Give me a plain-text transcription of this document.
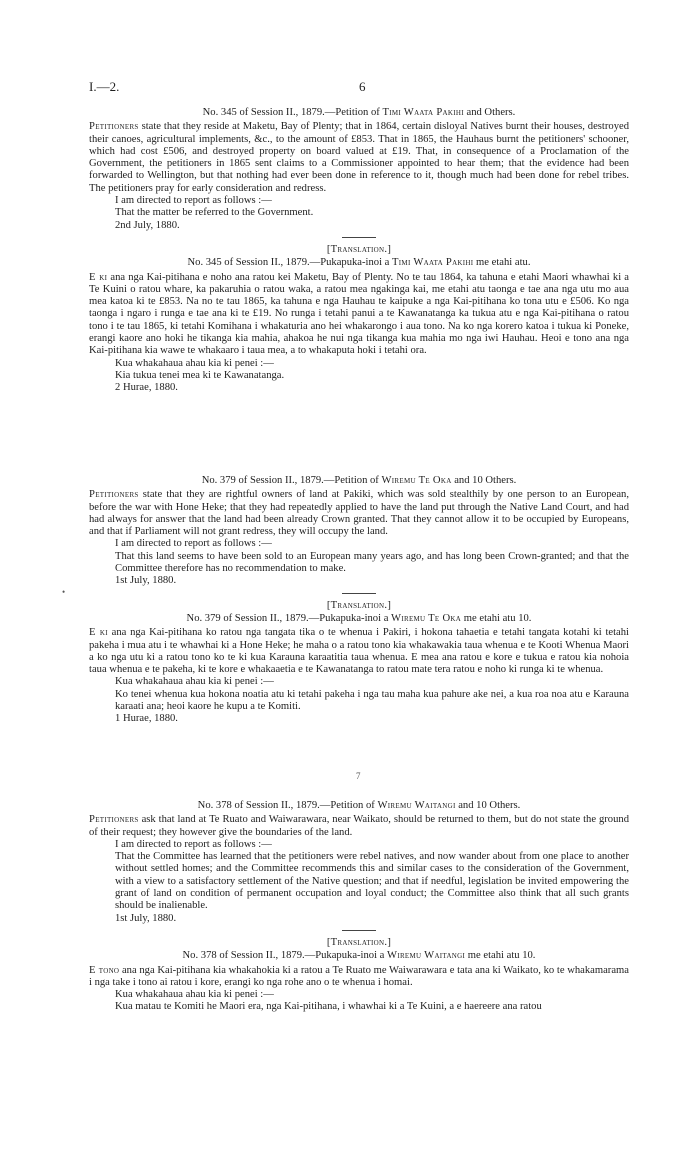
I.—2.	6

No. 345 of Session II., 1879.—Petition of Timi Waata Pakihi and Others.

Petitioners state that they reside at Maketu, Bay of Plenty; that in 1864, certain disloyal Natives burnt their houses, destroyed their canoes, agricultural implements, &c., to the amount of £853. That in 1865, the Hauhaus burnt the petitioners' schooner, which had cost £506, and destroyed property on board valued at £19. That, in consequence of a Proclamation of the Government, the petitioners in 1865 sent claims to a Commissioner appointed to hear them; that the evidence had been forwarded to Wellington, but that nothing had ever been done in reference to it, though much had been done for rebel tribes. The petitioners pray for early consideration and redress.

I am directed to report as follows :—

That the matter be referred to the Government.

2nd July, 1880.

[Translation.]

No. 345 of Session II., 1879.—Pukapuka-inoi a Timi Waata Pakihi me etahi atu.

E ki ana nga Kai-pitihana e noho ana ratou kei Maketu, Bay of Plenty. No te tau 1864, ka tahuna e etahi Maori whawhai ki a Te Kuini o ratou whare, ka pakaruhia o ratou waka, a ratou mea ngakinga kai, me etahi atu taonga e tae ana nga utu mo aua mea katoa ki te £853. Na no te tau 1865, ka tahuna e nga Hauhau te kaipuke a nga Kai-pitihana ko tona utu e £506. Ko nga taonga i ngaro i runga e tae ana ki te £19. No runga i tetahi panui a te Kawanatanga ka tukua atu e nga Kai-pitihana o ratou tono i te tau 1865, ki tetahi Komihana i whakaturia ano hei whakarongo i aua tono. Na ko nga korero katoa i tukua ki Poneke, erangi kaore ano hoki he tikanga kia mahia, ahakoa he nui nga tikanga kua mahia mo nga iwi Hauhau. Heoi e tono ana nga Kai-pitihana kia wawe te whakaaro i taua mea, a to whakaputa hoki i tetahi ora.

Kua whakahaua ahau kia ki penei :—

Kia tukua tenei mea ki te Kawanatanga.

2 Hurae, 1880.

No. 379 of Session II., 1879.—Petition of Wiremu Te Oka and 10 Others.

Petitioners state that they are rightful owners of land at Pakiki, which was sold stealthily by one person to an European, before the war with Hone Heke; that they had repeatedly applied to have the land put through the Native Land Court, and had had always for answer that the land had been already Crown granted. That they cannot allow it to be occupied by Europeans, and that if Parliament will not grant redress, they will occupy the land.

I am directed to report as follows :—

That this land seems to have been sold to an European many years ago, and has long been Crown-granted; and that the Committee therefore has no recommendation to make.

1st July, 1880.

[Translation.]

No. 379 of Session II., 1879.—Pukapuka-inoi a Wiremu Te Oka me etahi atu 10.

E ki ana nga Kai-pitihana ko ratou nga tangata tika o te whenua i Pakiri, i hokona tahaetia e tetahi tangata kotahi ki tetahi pakeha i mua atu i te whawhai ki a Hone Heke; he maha o a ratou tono kia whakawakia taua whenua e te Kooti Whenua Maori a ko nga utu ki a ratou tono ko te ki kua Karauna karaatitia taua whenua. E mea ana ratou e kore e tukua e ratou kia nohoia taua whenua e te pakeha, ki te kore e whakaaetia e te Kawanatanga to ratou mate tera ratou e noho ki runga ki te whenua.

Kua whakahaua ahau kia ki penei :—

Ko tenei whenua kua hokona noatia atu ki tetahi pakeha i nga tau maha kua pahure ake nei, a kua roa noa atu e Karauna karaati ana; heoi kaore he kupu a te Komiti.

1 Hurae, 1880.

No. 378 of Session II., 1879.—Petition of Wiremu Waitangi and 10 Others.

Petitioners ask that land at Te Ruato and Waiwarawara, near Waikato, should be returned to them, but do not state the ground of their request; they however give the boundaries of the land.

I am directed to report as follows :—

That the Committee has learned that the petitioners were rebel natives, and now wander about from one place to another without settled homes; and the Committee recommends this and similar cases to the consideration of the Government, with a view to a satisfactory settlement of the Native question; and that if needful, legislation be invited empowering the grant of land on condition of permanent occupation and loyal conduct; the Committee also think that all such grants should be inalienable.

1st July, 1880.

[Translation.]

No. 378 of Session II., 1879.—Pukapuka-inoi a Wiremu Waitangi me etahi atu 10.

E tono ana nga Kai-pitihana kia whakahokia ki a ratou a Te Ruato me Waiwarawara e tata ana ki Waikato, ko te whakamarama i nga take i tono ai ratou i kore, erangi ko nga rohe ano o te whenua i homai.

Kua whakahaua ahau kia ki penei :—

Kua matau te Komiti he Maori era, nga Kai-pitihana, i whawhai ki a Te Kuini, a e haereere ana ratou

•
7
